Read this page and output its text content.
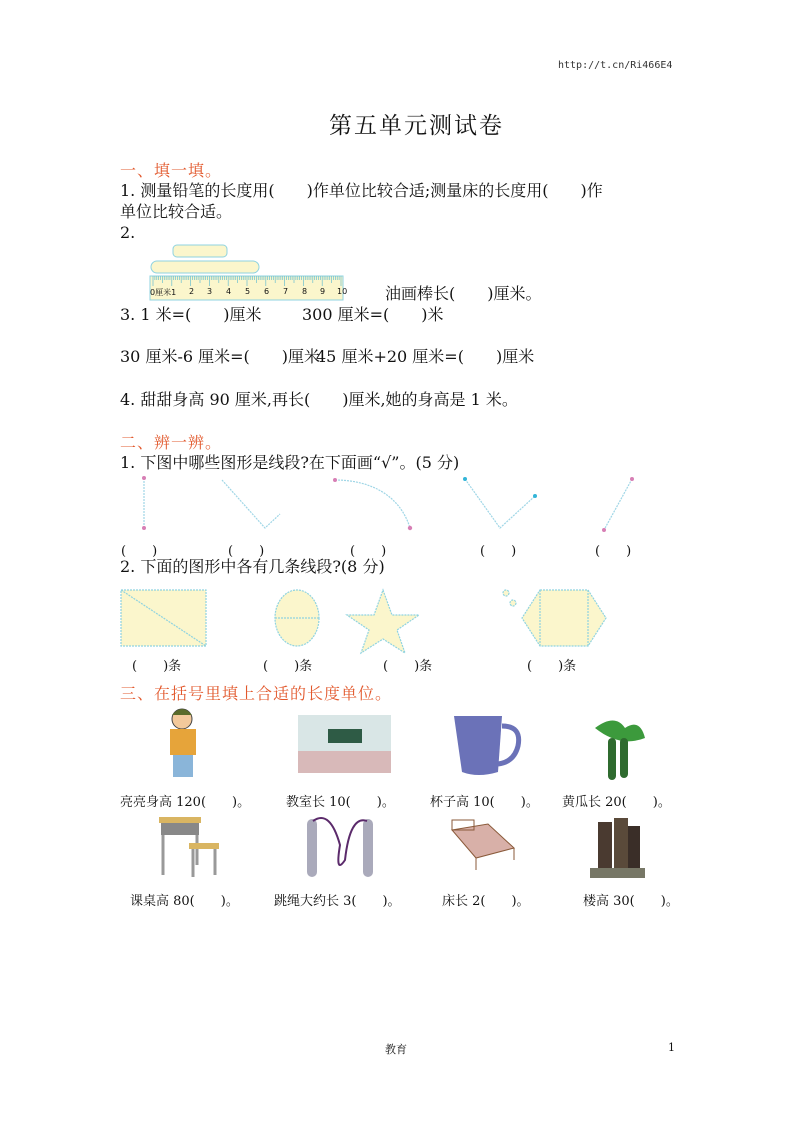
http://t.cn/Ri466E4
第五单元测试卷
一、填一填。
1. 测量铅笔的长度用(　　)作单位比较合适;测量床的长度用(　　)作
单位比较合适。
2.
0厘米1 2 3 4 5 6 7 8 9 10 油画棒长(　　)厘米。
3. 1 米=(　　)厘米	300 厘米=(　　)米
30 厘米-6 厘米=(　　)厘米
45 厘米+20 厘米=(　　)厘米
4. 甜甜身高 90 厘米,再长(　　)厘米,她的身高是 1 米。
二、辨一辨。
1. 下图中哪些图形是线段?在下面画“√”。(5 分)
(　　)	(　　)	(　　)	(　　)	(　　)
2. 下面的图形中各有几条线段?(8 分)
(　　)条	(　　)条	(　　)条	(　　)条
三、在括号里填上合适的长度单位。
亮亮身高 120(　　)。	教室长 10(　　)。	杯子高 10(　　)。 黄瓜长 20(　　)。
课桌高 80(　　)。	跳绳大约长 3(　　)。	床长 2(　　)。	楼高 30(　　)。
教育	1
